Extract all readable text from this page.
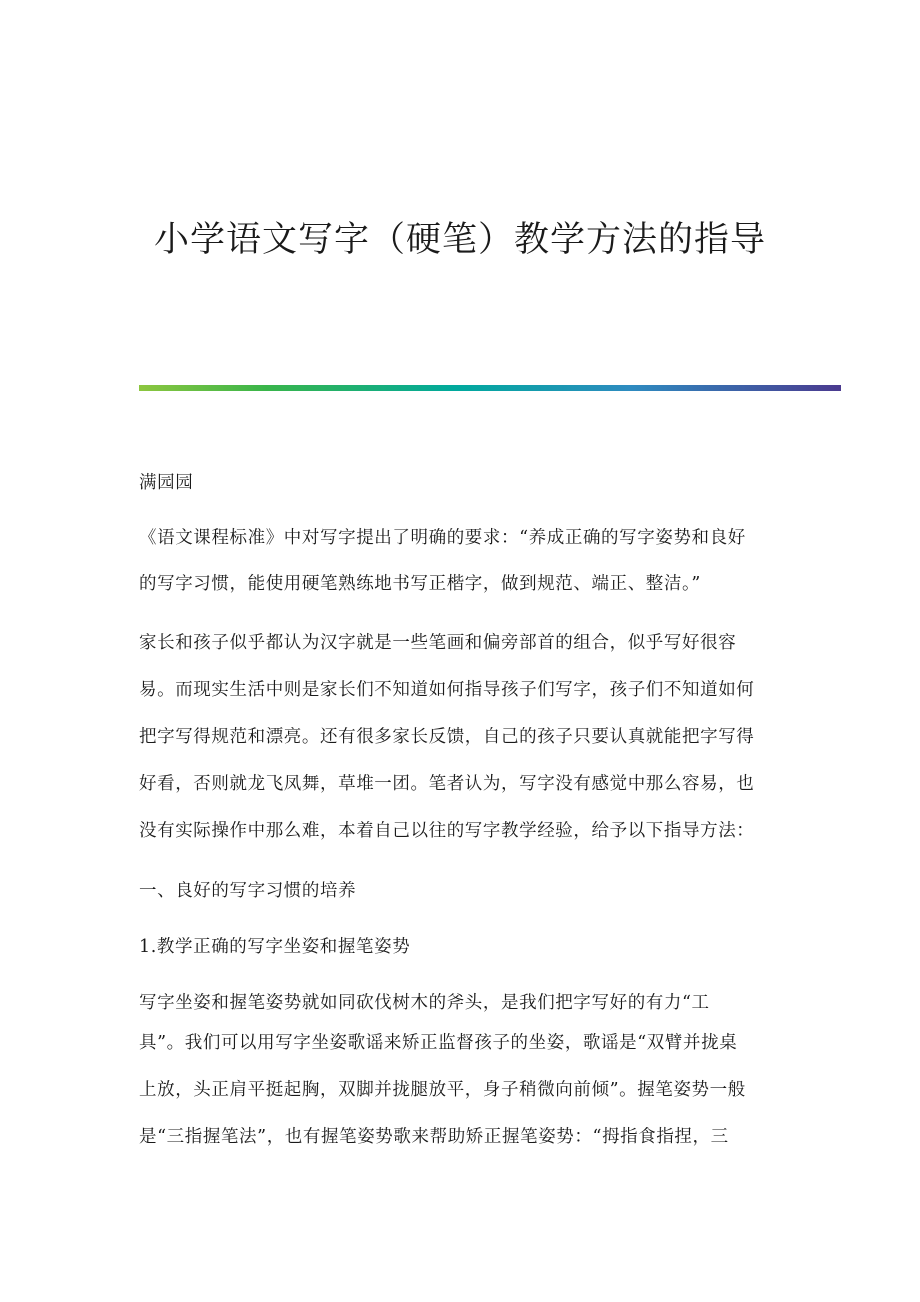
小学语文写字（硬笔）教学方法的指导
满园园
《语文课程标准》中对写字提出了明确的要求：“养成正确的写字姿势和良好
的写字习惯，能使用硬笔熟练地书写正楷字，做到规范、端正、整洁。”
家长和孩子似乎都认为汉字就是一些笔画和偏旁部首的组合，似乎写好很容
易。而现实生活中则是家长们不知道如何指导孩子们写字，孩子们不知道如何
把字写得规范和漂亮。还有很多家长反馈，自己的孩子只要认真就能把字写得
好看，否则就龙飞凤舞，草堆一团。笔者认为，写字没有感觉中那么容易，也
没有实际操作中那么难，本着自己以往的写字教学经验，给予以下指导方法：
一、良好的写字习惯的培养
1.教学正确的写字坐姿和握笔姿势
写字坐姿和握笔姿势就如同砍伐树木的斧头，是我们把字写好的有力“工
具”。我们可以用写字坐姿歌谣来矫正监督孩子的坐姿，歌谣是“双臂并拢桌
上放，头正肩平挺起胸，双脚并拢腿放平，身子稍微向前倾”。握笔姿势一般
是“三指握笔法”，也有握笔姿势歌来帮助矫正握笔姿势：“拇指食指捏，三
